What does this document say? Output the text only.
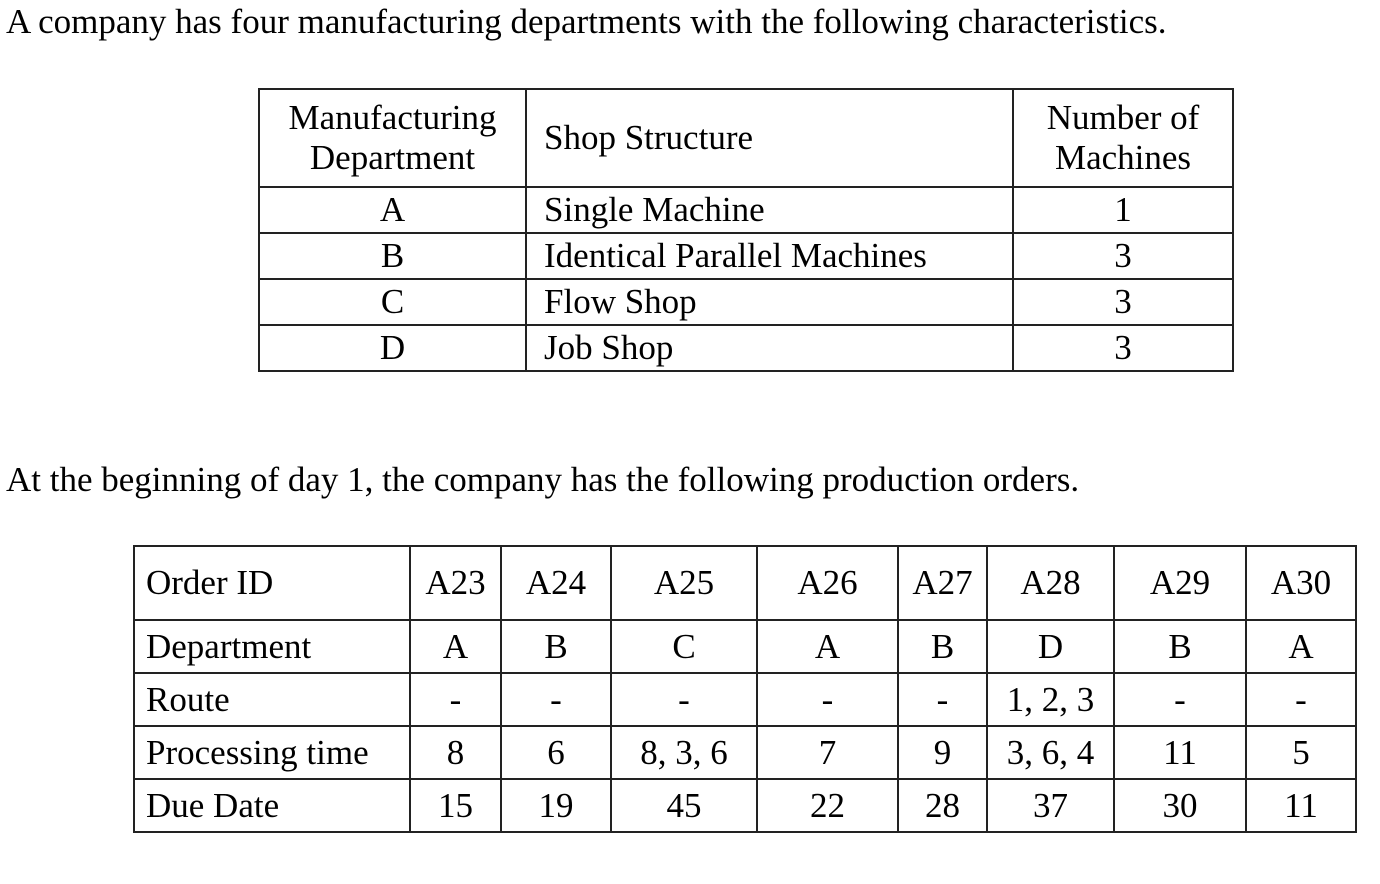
A company has four manufacturing departments with the following characteristics.

Manufacturing
Department	Shop Structure	Number of
Machines

A	Single Machine	1
B	Identical Parallel Machines	3
C	Flow Shop	3
D	Job Shop	3

At the beginning of day 1, the company has the following production orders.

Order ID	A23	A24	A25	A26	A27	A28	A29	A30
Department	A	B	C	A	B	D	B	A
Route	-	-	-	-	-	1, 2, 3	-	-
Processing time	8	6	8, 3, 6	7	9	3, 6, 4	11	5
Due Date	15	19	45	22	28	37	30	11
